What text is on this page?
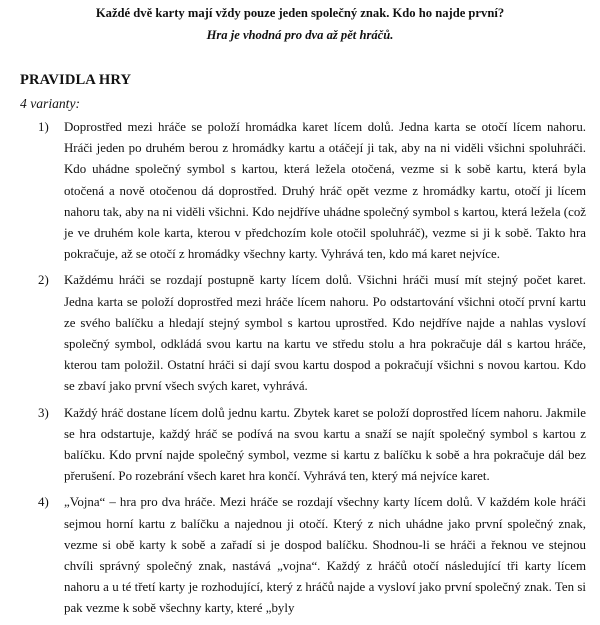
Každé dvě karty mají vždy pouze jeden společný znak. Kdo ho najde první?
Hra je vhodná pro dva až pět hráčů.
PRAVIDLA HRY
4 varianty:
1) Doprostřed mezi hráče se položí hromádka karet lícem dolů. Jedna karta se otočí lícem nahoru. Hráči jeden po druhém berou z hromádky kartu a otáčejí ji tak, aby na ni viděli všichni spoluhráči. Kdo uhádne společný symbol s kartou, která ležela otočená, vezme si k sobě kartu, která byla otočená a nově otočenou dá doprostřed. Druhý hráč opět vezme z hromádky kartu, otočí ji lícem nahoru tak, aby na ni viděli všichni. Kdo nejdříve uhádne společný symbol s kartou, která ležela (což je ve druhém kole karta, kterou v předchozím kole otočil spoluhráč), vezme si ji k sobě. Takto hra pokračuje, až se otočí z hromádky všechny karty. Vyhrává ten, kdo má karet nejvíce.
2) Každému hráči se rozdají postupně karty lícem dolů. Všichni hráči musí mít stejný počet karet. Jedna karta se položí doprostřed mezi hráče lícem nahoru. Po odstartování všichni otočí první kartu ze svého balíčku a hledají stejný symbol s kartou uprostřed. Kdo nejdříve najde a nahlas vysloví společný symbol, odkládá svou kartu na kartu ve středu stolu a hra pokračuje dál s kartou hráče, kterou tam položil. Ostatní hráči si dají svou kartu dospod a pokračují všichni s novou kartou. Kdo se zbaví jako první všech svých karet, vyhrává.
3) Každý hráč dostane lícem dolů jednu kartu. Zbytek karet se položí doprostřed lícem nahoru. Jakmile se hra odstartuje, každý hráč se podívá na svou kartu a snaží se najít společný symbol s kartou z balíčku. Kdo první najde společný symbol, vezme si kartu z balíčku k sobě a hra pokračuje dál bez přerušení. Po rozebrání všech karet hra končí. Vyhrává ten, který má nejvíce karet.
4) „Vojna“ – hra pro dva hráče. Mezi hráče se rozdají všechny karty lícem dolů. V každém kole hráči sejmou horní kartu z balíčku a najednou ji otočí. Který z nich uhádne jako první společný znak, vezme si obě karty k sobě a zařadí si je dospod balíčku. Shodnou-li se hráči a řeknou ve stejnou chvíli správný společný znak, nastává „vojna“. Každý z hráčů otočí následující tři karty lícem nahoru a u té třetí karty je rozhodující, který z hráčů najde a vysloví jako první společný znak. Ten si pak vezme k sobě všechny karty, které „byly
